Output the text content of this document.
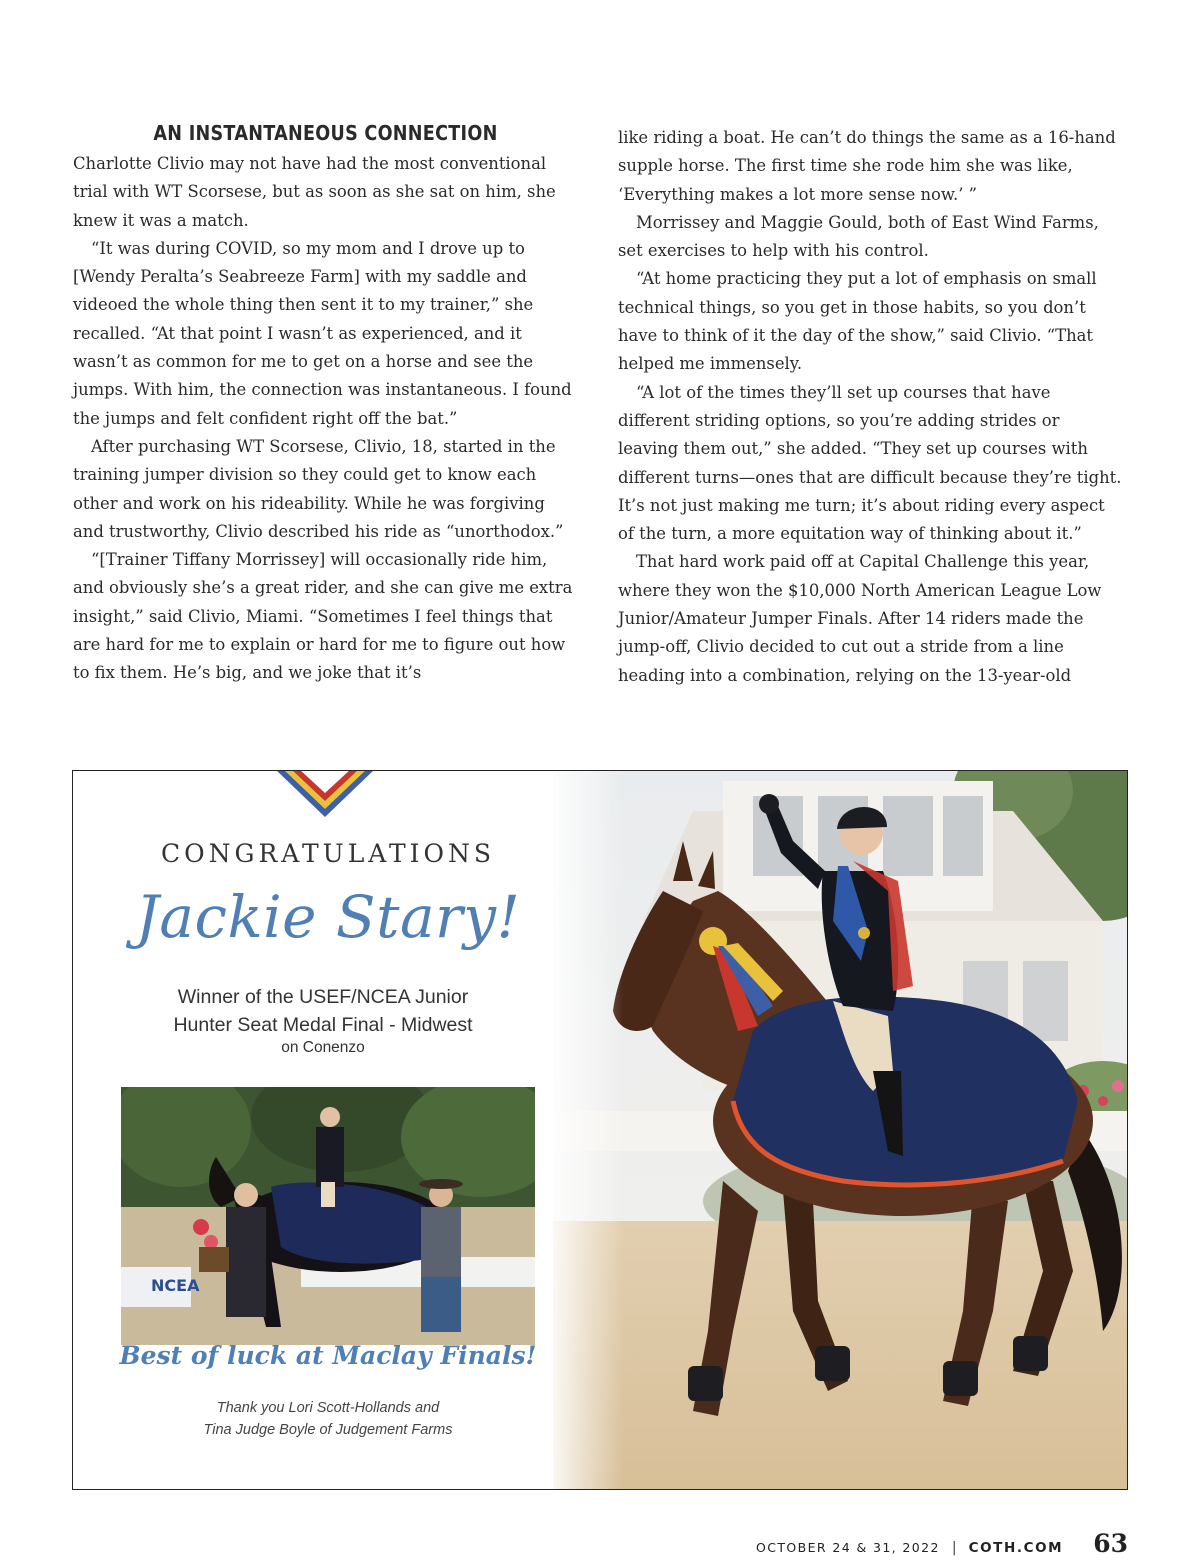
AN INSTANTANEOUS CONNECTION

Charlotte Clivio may not have had the most conventional trial with WT Scorsese, but as soon as she sat on him, she knew it was a match.

“It was during COVID, so my mom and I drove up to [Wendy Peralta’s Seabreeze Farm] with my saddle and videoed the whole thing then sent it to my trainer,” she recalled. “At that point I wasn’t as experienced, and it wasn’t as common for me to get on a horse and see the jumps. With him, the connection was instantaneous. I found the jumps and felt confident right off the bat.”

After purchasing WT Scorsese, Clivio, 18, started in the training jumper division so they could get to know each other and work on his rideability. While he was forgiving and trustworthy, Clivio described his ride as “unorthodox.”

“[Trainer Tiffany Morrissey] will occasionally ride him, and obviously she’s a great rider, and she can give me extra insight,” said Clivio, Miami. “Sometimes I feel things that are hard for me to explain or hard for me to figure out how to fix them. He’s big, and we joke that it’s

like riding a boat. He can’t do things the same as a 16-hand supple horse. The first time she rode him she was like, ‘Everything makes a lot more sense now.’ ”

Morrissey and Maggie Gould, both of East Wind Farms, set exercises to help with his control.

“At home practicing they put a lot of emphasis on small technical things, so you get in those habits, so you don’t have to think of it the day of the show,” said Clivio. “That helped me immensely.

“A lot of the times they’ll set up courses that have different striding options, so you’re adding strides or leaving them out,” she added. “They set up courses with different turns—ones that are difficult because they’re tight. It’s not just making me turn; it’s about riding every aspect of the turn, a more equitation way of thinking about it.”

That hard work paid off at Capital Challenge this year, where they won the $10,000 North American League Low Junior/Amateur Jumper Finals. After 14 riders made the jump-off, Clivio decided to cut out a stride from a line heading into a combination, relying on the 13-year-old

CONGRATULATIONS
Jackie Stary!
Winner of the USEF/NCEA Junior
Hunter Seat Medal Final - Midwest
on Conenzo
NCEA
Best of luck at Maclay Finals!
Thank you Lori Scott-Hollands and
Tina Judge Boyle of Judgement Farms
OCTOBER 24 & 31, 2022 | COTH.COM 63
